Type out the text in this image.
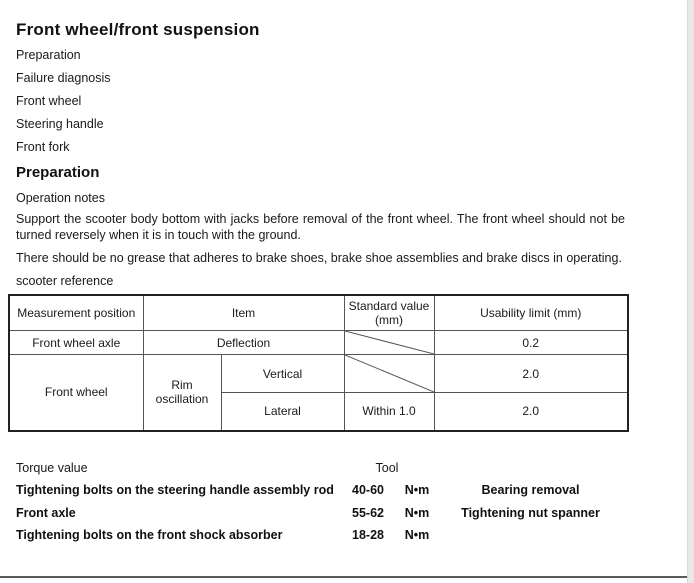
Front wheel/front suspension
Preparation
Failure diagnosis
Front wheel
Steering handle
Front fork
Preparation
Operation notes

Support the scooter body bottom with jacks before removal of the front wheel. The front wheel should not be turned reversely when it is in touch with the ground.

There should be no grease that adheres to brake shoes, brake shoe assemblies and brake discs in operating.

scooter reference
Measurement position	Item		Standard value (mm)	Usability limit (mm)
Front wheel axle	Deflection			0.2
Front wheel	Rim oscillation	Vertical		2.0
		Lateral	Within 1.0	2.0
Torque value	Tool
Tightening bolts on the steering handle assembly rod	40-60	N•m	Bearing removal
Front axle	55-62	N•m	Tightening nut spanner
Tightening bolts on the front shock absorber	18-28	N•m
